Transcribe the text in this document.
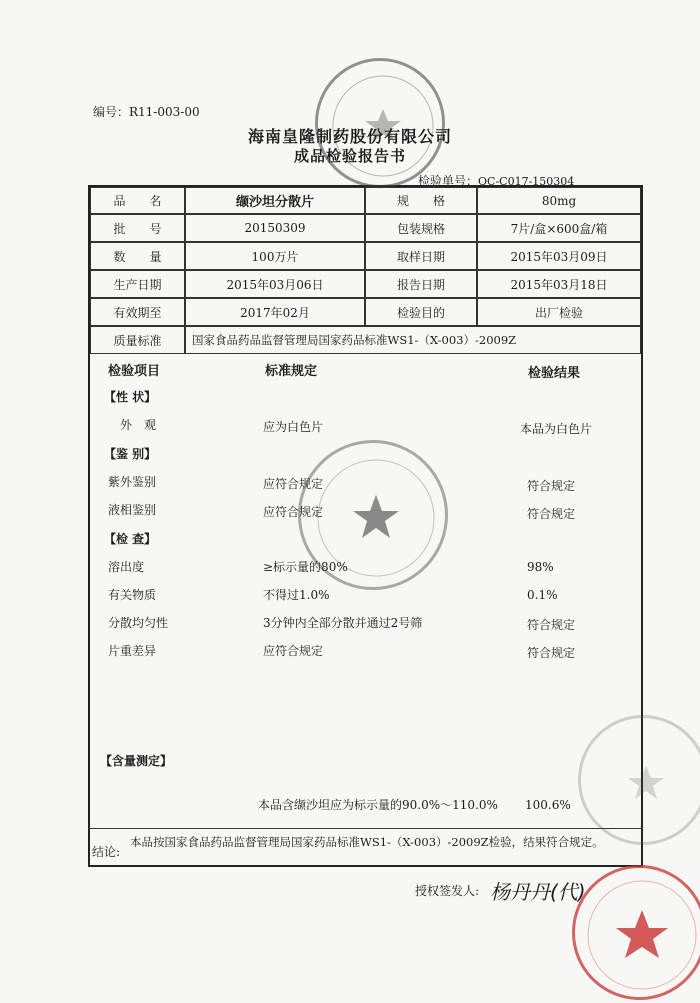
编号：R11-003-00
海南皇隆制药股份有限公司
成品检验报告书
检验单号：QC-C017-150304
品　　名	缬沙坦分散片	规　　格	80mg
批　　号	20150309	包装规格	7片/盒×600盒/箱
数　　量	100万片	取样日期	2015年03月09日
生产日期	2015年03月06日	报告日期	2015年03月18日
有效期至	2017年02月	检验目的	出厂检验
质量标准	国家食品药品监督管理局国家药品标准WS1-（X-003）-2009Z
检验项目	标准规定	检验结果
【性 状】
外　观	应为白色片	本品为白色片
【鉴 别】
紫外鉴别	应符合规定	符合规定
液相鉴别	应符合规定	符合规定
【检 查】
溶出度	≥标示量的80%	98%
有关物质	不得过1.0%	0.1%
分散均匀性	3分钟内全部分散并通过2号筛	符合规定
片重差异	应符合规定	符合规定
【含量测定】
本品含缬沙坦应为标示量的90.0%～110.0% 100.6%
结论:
本品按国家食品药品监督管理局国家药品标准WS1-（X-003）-2009Z检验，结果符合规定。
授权签发人: 杨丹丹(代)
